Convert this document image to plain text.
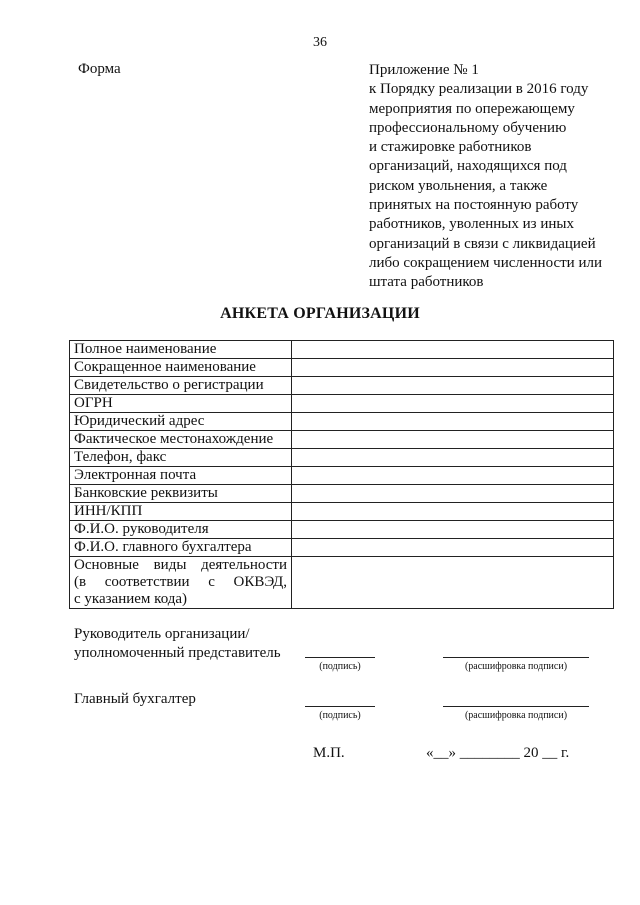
36
Форма	Приложение № 1
к Порядку реализации в 2016 году
мероприятия по опережающему
профессиональному обучению
и стажировке работников
организаций, находящихся под
риском увольнения, а также
принятых на постоянную работу
работников, уволенных из иных
организаций в связи с ликвидацией
либо сокращением численности или
штата работников
АНКЕТА ОРГАНИЗАЦИИ
Полное наименование	
Сокращенное наименование	
Свидетельство о регистрации	
ОГРН	
Юридический адрес	
Фактическое местонахождение	
Телефон, факс	
Электронная почта	
Банковские реквизиты	
ИНН/КПП	
Ф.И.О. руководителя	
Ф.И.О. главного бухгалтера	

Основные виды деятельности
(в соответствии с ОКВЭД,
с указанием кода)	

Руководитель организации/
уполномоченный представитель
(подпись)	(расшифровка подписи)
Главный бухгалтер
(подпись)	(расшифровка подписи)
М.П.	«__» ________ 20 __ г.
